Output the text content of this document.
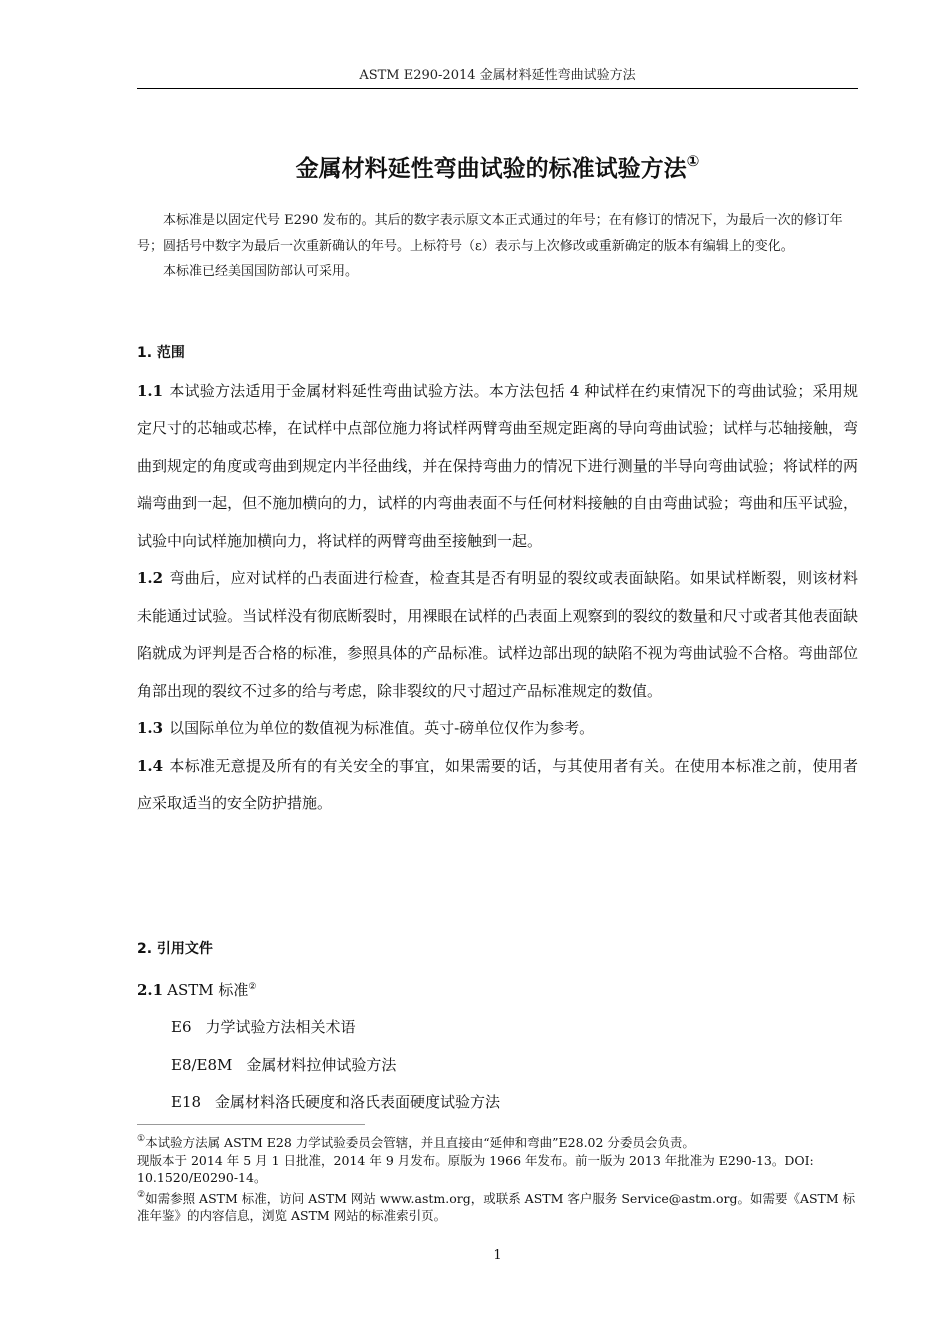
ASTM E290-2014 金属材料延性弯曲试验方法
金属材料延性弯曲试验的标准试验方法①

本标准是以固定代号 E290 发布的。其后的数字表示原文本正式通过的年号；在有修订的情况下，为最后一次的修订年号；圆括号中数字为最后一次重新确认的年号。上标符号（ε）表示与上次修改或重新确定的版本有编辑上的变化。

本标准已经美国国防部认可采用。

1. 范围

1.1 本试验方法适用于金属材料延性弯曲试验方法。本方法包括 4 种试样在约束情况下的弯曲试验；采用规定尺寸的芯轴或芯棒，在试样中点部位施力将试样两臂弯曲至规定距离的导向弯曲试验；试样与芯轴接触，弯曲到规定的角度或弯曲到规定内半径曲线，并在保持弯曲力的情况下进行测量的半导向弯曲试验；将试样的两端弯曲到一起，但不施加横向的力，试样的内弯曲表面不与任何材料接触的自由弯曲试验；弯曲和压平试验，试验中向试样施加横向力，将试样的两臂弯曲至接触到一起。

1.2 弯曲后，应对试样的凸表面进行检查，检查其是否有明显的裂纹或表面缺陷。如果试样断裂，则该材料未能通过试验。当试样没有彻底断裂时，用裸眼在试样的凸表面上观察到的裂纹的数量和尺寸或者其他表面缺陷就成为评判是否合格的标准，参照具体的产品标准。试样边部出现的缺陷不视为弯曲试验不合格。弯曲部位角部出现的裂纹不过多的给与考虑，除非裂纹的尺寸超过产品标准规定的数值。

1.3 以国际单位为单位的数值视为标准值。英寸-磅单位仅作为参考。

1.4 本标准无意提及所有的有关安全的事宜，如果需要的话，与其使用者有关。在使用本标准之前，使用者应采取适当的安全防护措施。

2. 引用文件

2.1 ASTM 标准②

E6 力学试验方法相关术语

E8/E8M 金属材料拉伸试验方法

E18 金属材料洛氏硬度和洛氏表面硬度试验方法

①本试验方法属 ASTM E28 力学试验委员会管辖，并且直接由“延伸和弯曲”E28.02 分委员会负责。

现版本于 2014 年 5 月 1 日批准，2014 年 9 月发布。原版为 1966 年发布。前一版为 2013 年批准为 E290-13。DOI: 10.1520/E0290-14。

②如需参照 ASTM 标准，访问 ASTM 网站 www.astm.org，或联系 ASTM 客户服务 Service@astm.org。如需要《ASTM 标准年鉴》的内容信息，浏览 ASTM 网站的标准索引页。

1
